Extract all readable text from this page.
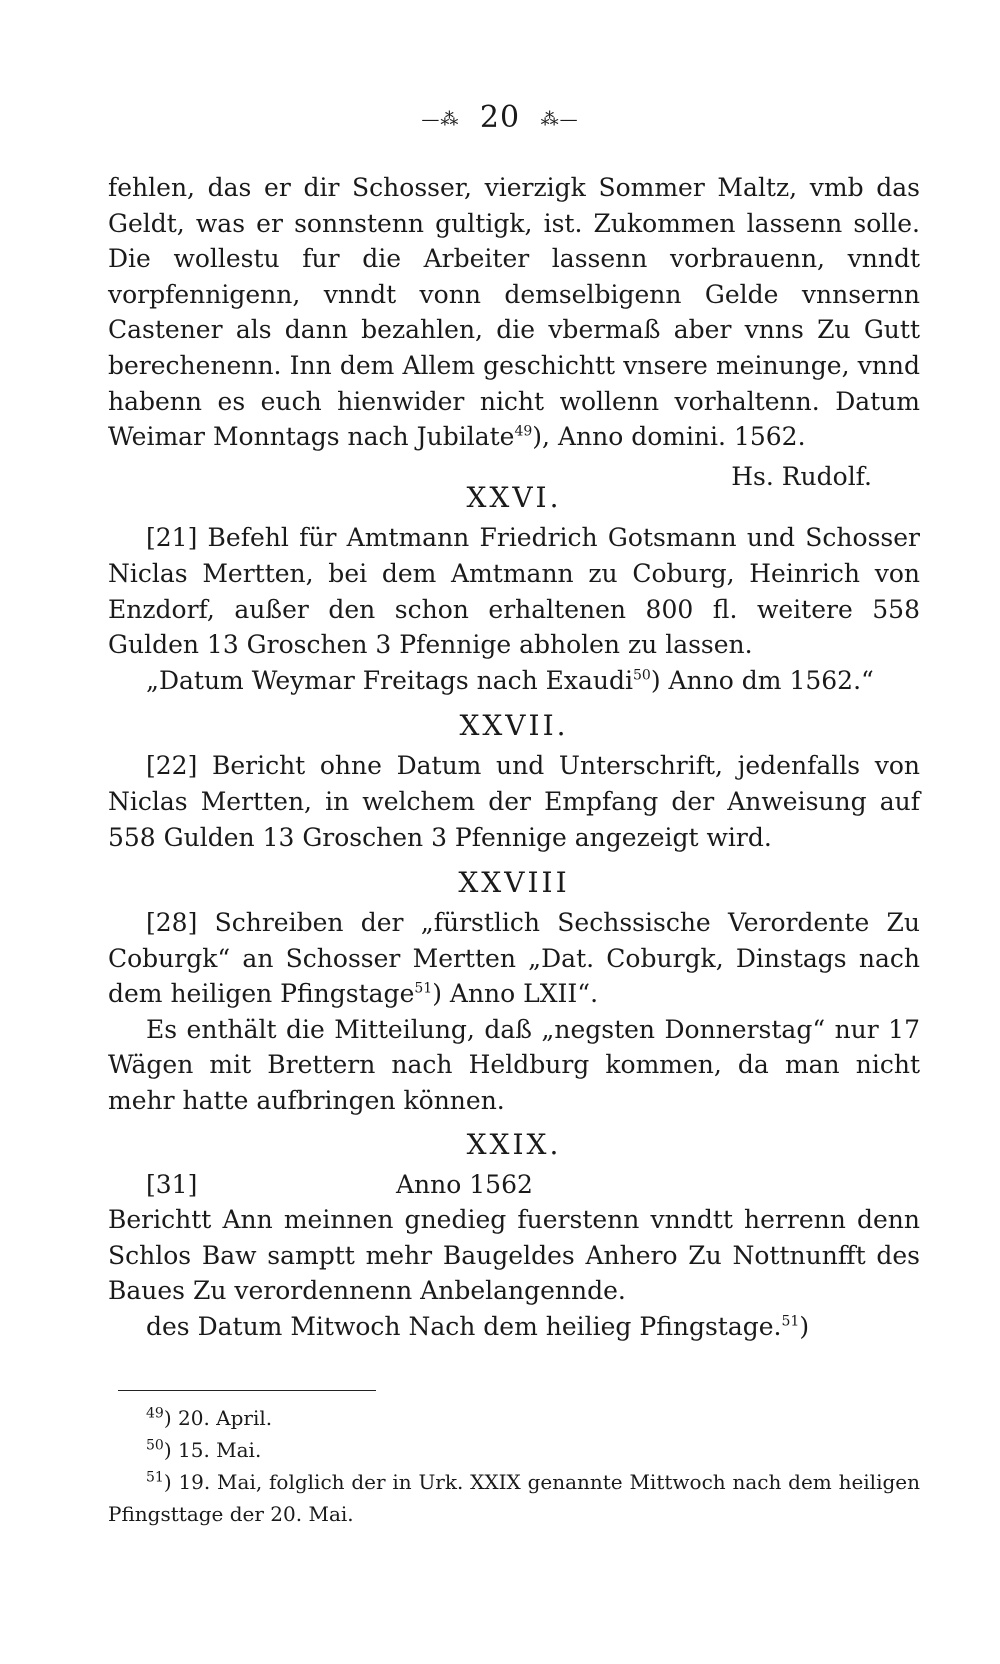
—⁂ 20 ⁂—

fehlen, das er dir Schosser, vierzigk Sommer Maltz, vmb das Geldt, was er sonnstenn gultigk, ist. Zukommen lassenn solle. Die wollestu fur die Arbeiter lassenn vorbrauenn, vnndt vorpfennigenn, vnndt vonn demselbigenn Gelde vnnsernn Castener als dann bezahlen, die vbermaß aber vnns Zu Gutt berechenenn. Inn dem Allem geschichtt vnsere meinunge, vnnd habenn es euch hienwider nicht wollenn vorhaltenn. Datum Weimar Monntags nach Jubilate$^{49}$), Anno domini. 1562.

Hs. Rudolf.

XXVI.

[21] Befehl für Amtmann Friedrich Gotsmann und Schosser Niclas Mertten, bei dem Amtmann zu Coburg, Heinrich von Enzdorf, außer den schon erhaltenen 800 fl. weitere 558 Gulden 13 Groschen 3 Pfennige abholen zu lassen.

„Datum Weymar Freitags nach Exaudi$^{50}$) Anno dm 1562.“

XXVII.

[22] Bericht ohne Datum und Unterschrift, jedenfalls von Niclas Mertten, in welchem der Empfang der Anweisung auf 558 Gulden 13 Groschen 3 Pfennige angezeigt wird.

XXVIII

[28] Schreiben der „fürstlich Sechssische Verordente Zu Coburgk“ an Schosser Mertten „Dat. Coburgk, Dinstags nach dem heiligen Pfingstage$^{51}$) Anno LXII“.

Es enthält die Mitteilung, daß „negsten Donnerstag“ nur 17 Wägen mit Brettern nach Heldburg kommen, da man nicht mehr hatte aufbringen können.

XXIX.

[31]	Anno 1562

Berichtt Ann meinnen gnedieg fuerstenn vnndtt herrenn denn Schlos Baw samptt mehr Baugeldes Anhero Zu Nottnunfft des Baues Zu verordennenn Anbelangennde.

des Datum Mitwoch Nach dem heilieg Pfingstage.$^{51}$)

$^{49}$) 20. April.

$^{50}$) 15. Mai.

$^{51}$) 19. Mai, folglich der in Urk. XXIX genannte Mittwoch nach dem heiligen Pfingsttage der 20. Mai.
